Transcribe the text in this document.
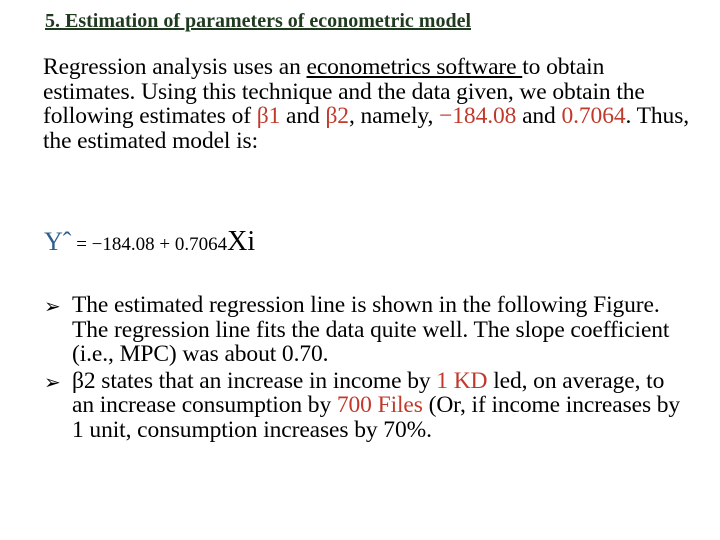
5. Estimation of parameters of econometric model
Regression analysis uses an econometrics software to obtain estimates. Using this technique and the data given, we obtain the following estimates of β1 and β2, namely, −184.08 and 0.7064. Thus, the estimated model is:
Yˆ = −184.08 + 0.7064Xi
➢ The estimated regression line is shown in the following Figure. The regression line fits the data quite well. The slope coefficient (i.e., MPC) was about 0.70.
➢ β2 states that an increase in income by 1 KD led, on average, to an increase consumption by 700 Files (Or, if income increases by 1 unit, consumption increases by 70%.
